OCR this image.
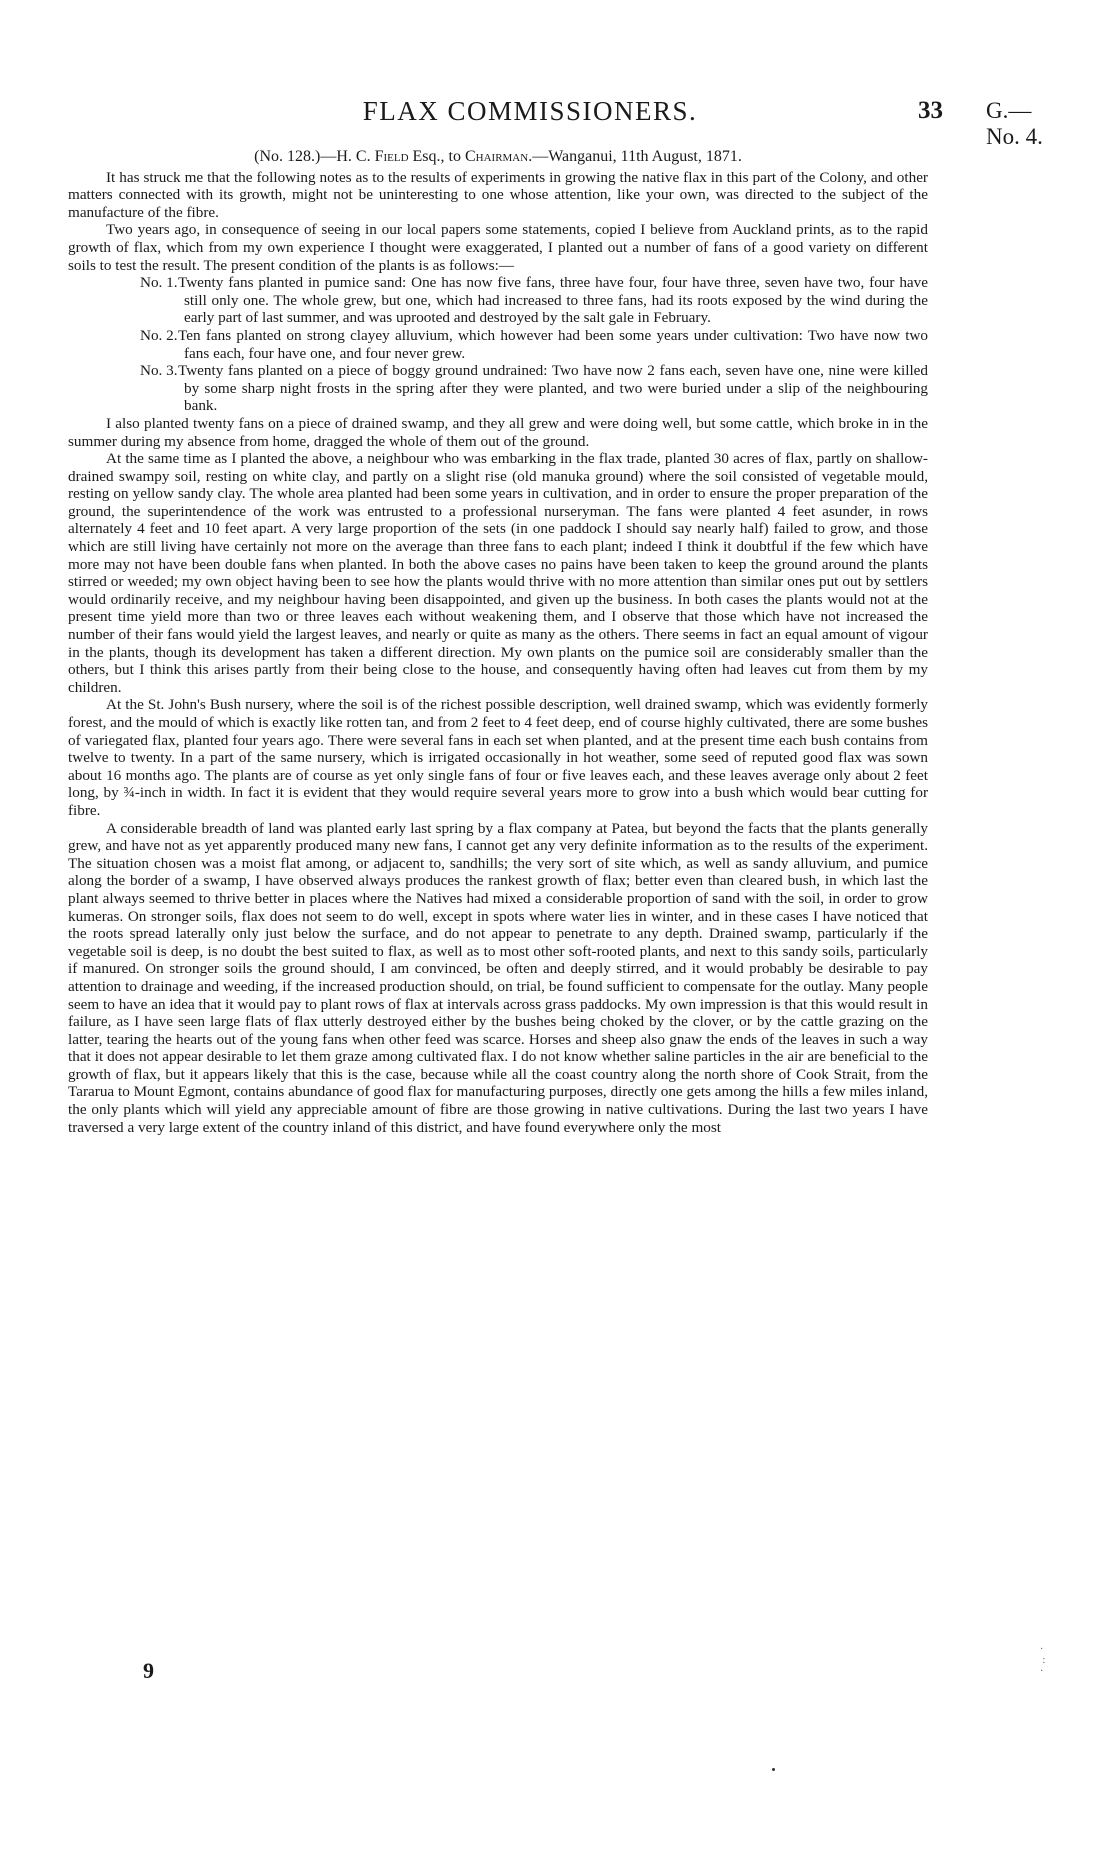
FLAX COMMISSIONERS.	33 G.—No. 4.

(No. 128.)—H. C. Field Esq., to Chairman.—Wanganui, 11th August, 1871.

It has struck me that the following notes as to the results of experiments in growing the native flax in this part of the Colony, and other matters connected with its growth, might not be uninteresting to one whose attention, like your own, was directed to the subject of the manufacture of the fibre.

Two years ago, in consequence of seeing in our local papers some statements, copied I believe from Auckland prints, as to the rapid growth of flax, which from my own experience I thought were exaggerated, I planted out a number of fans of a good variety on different soils to test the result. The present condition of the plants is as follows:—

No. 1.Twenty fans planted in pumice sand: One has now five fans, three have four, four have three, seven have two, four have still only one. The whole grew, but one, which had increased to three fans, had its roots exposed by the wind during the early part of last summer, and was uprooted and destroyed by the salt gale in February.
No. 2.Ten fans planted on strong clayey alluvium, which however had been some years under cultivation: Two have now two fans each, four have one, and four never grew.
No. 3.Twenty fans planted on a piece of boggy ground undrained: Two have now 2 fans each, seven have one, nine were killed by some sharp night frosts in the spring after they were planted, and two were buried under a slip of the neighbouring bank.

I also planted twenty fans on a piece of drained swamp, and they all grew and were doing well, but some cattle, which broke in in the summer during my absence from home, dragged the whole of them out of the ground.

At the same time as I planted the above, a neighbour who was embarking in the flax trade, planted 30 acres of flax, partly on shallow-drained swampy soil, resting on white clay, and partly on a slight rise (old manuka ground) where the soil consisted of vegetable mould, resting on yellow sandy clay. The whole area planted had been some years in cultivation, and in order to ensure the proper preparation of the ground, the superintendence of the work was entrusted to a professional nurseryman. The fans were planted 4 feet asunder, in rows alternately 4 feet and 10 feet apart. A very large proportion of the sets (in one paddock I should say nearly half) failed to grow, and those which are still living have certainly not more on the average than three fans to each plant; indeed I think it doubtful if the few which have more may not have been double fans when planted. In both the above cases no pains have been taken to keep the ground around the plants stirred or weeded; my own object having been to see how the plants would thrive with no more attention than similar ones put out by settlers would ordinarily receive, and my neighbour having been disappointed, and given up the business. In both cases the plants would not at the present time yield more than two or three leaves each without weakening them, and I observe that those which have not increased the number of their fans would yield the largest leaves, and nearly or quite as many as the others. There seems in fact an equal amount of vigour in the plants, though its development has taken a different direction. My own plants on the pumice soil are considerably smaller than the others, but I think this arises partly from their being close to the house, and consequently having often had leaves cut from them by my children.

At the St. John's Bush nursery, where the soil is of the richest possible description, well drained swamp, which was evidently formerly forest, and the mould of which is exactly like rotten tan, and from 2 feet to 4 feet deep, end of course highly cultivated, there are some bushes of variegated flax, planted four years ago. There were several fans in each set when planted, and at the present time each bush contains from twelve to twenty. In a part of the same nursery, which is irrigated occasionally in hot weather, some seed of reputed good flax was sown about 16 months ago. The plants are of course as yet only single fans of four or five leaves each, and these leaves average only about 2 feet long, by ¾-inch in width. In fact it is evident that they would require several years more to grow into a bush which would bear cutting for fibre.

A considerable breadth of land was planted early last spring by a flax company at Patea, but beyond the facts that the plants generally grew, and have not as yet apparently produced many new fans, I cannot get any very definite information as to the results of the experiment. The situation chosen was a moist flat among, or adjacent to, sandhills; the very sort of site which, as well as sandy alluvium, and pumice along the border of a swamp, I have observed always produces the rankest growth of flax; better even than cleared bush, in which last the plant always seemed to thrive better in places where the Natives had mixed a considerable proportion of sand with the soil, in order to grow kumeras. On stronger soils, flax does not seem to do well, except in spots where water lies in winter, and in these cases I have noticed that the roots spread laterally only just below the surface, and do not appear to penetrate to any depth. Drained swamp, particularly if the vegetable soil is deep, is no doubt the best suited to flax, as well as to most other soft-rooted plants, and next to this sandy soils, particularly if manured. On stronger soils the ground should, I am convinced, be often and deeply stirred, and it would probably be desirable to pay attention to drainage and weeding, if the increased production should, on trial, be found sufficient to compensate for the outlay. Many people seem to have an idea that it would pay to plant rows of flax at intervals across grass paddocks. My own impression is that this would result in failure, as I have seen large flats of flax utterly destroyed either by the bushes being choked by the clover, or by the cattle grazing on the latter, tearing the hearts out of the young fans when other feed was scarce. Horses and sheep also gnaw the ends of the leaves in such a way that it does not appear desirable to let them graze among cultivated flax. I do not know whether saline particles in the air are beneficial to the growth of flax, but it appears likely that this is the case, because while all the coast country along the north shore of Cook Strait, from the Tararua to Mount Egmont, contains abundance of good flax for manufacturing purposes, directly one gets among the hills a few miles inland, the only plants which will yield any appreciable amount of fibre are those growing in native cultivations. During the last two years I have traversed a very large extent of the country inland of this district, and have found everywhere only the most

9
·
:
·
